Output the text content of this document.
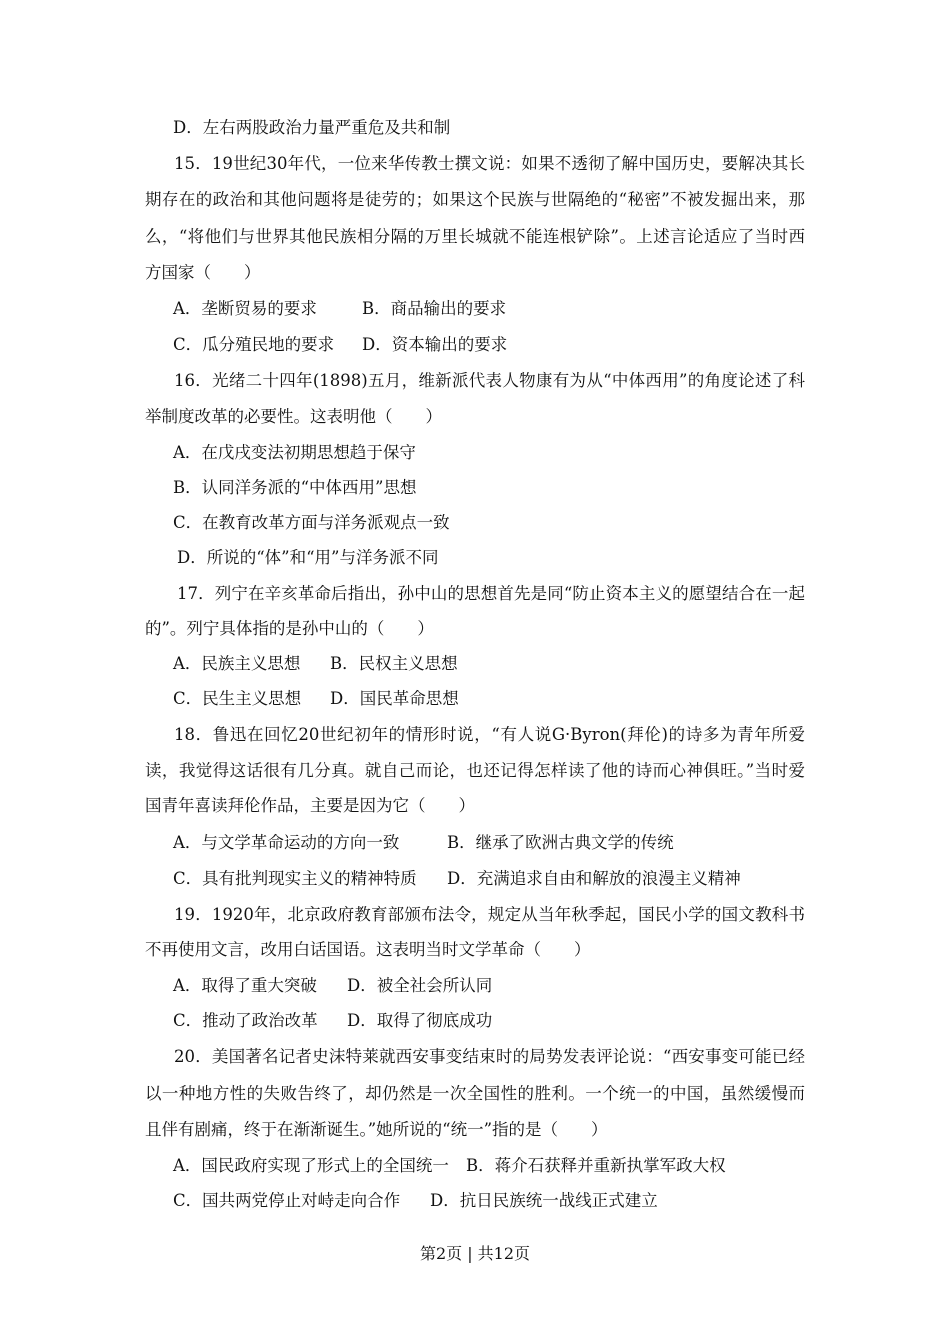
D．左右两股政治力量严重危及共和制
15．19世纪30年代，一位来华传教士撰文说：如果不透彻了解中国历史，要解决其长
期存在的政治和其他问题将是徒劳的；如果这个民族与世隔绝的“秘密”不被发掘出来，那
么，“将他们与世界其他民族相分隔的万里长城就不能连根铲除”。上述言论适应了当时西
方国家（　　）
A．垄断贸易的要求	B．商品输出的要求
C．瓜分殖民地的要求 D．资本输出的要求
16．光绪二十四年(1898)五月，维新派代表人物康有为从“中体西用”的角度论述了科
举制度改革的必要性。这表明他（　　）
A．在戊戌变法初期思想趋于保守
B．认同洋务派的“中体西用”思想
C．在教育改革方面与洋务派观点一致
D．所说的“体”和“用”与洋务派不同
17．列宁在辛亥革命后指出，孙中山的思想首先是同“防止资本主义的愿望结合在一起
的”。列宁具体指的是孙中山的（　　）
A．民族主义思想 B．民权主义思想
C．民生主义思想 D．国民革命思想
18．鲁迅在回忆20世纪初年的情形时说，“有人说G·Byron(拜伦)的诗多为青年所爱
读，我觉得这话很有几分真。就自己而论，也还记得怎样读了他的诗而心神俱旺。”当时爱
国青年喜读拜伦作品，主要是因为它（　　）
A．与文学革命运动的方向一致	B．继承了欧洲古典文学的传统
C．具有批判现实主义的精神特质 D．充满追求自由和解放的浪漫主义精神
19．1920年，北京政府教育部颁布法令，规定从当年秋季起，国民小学的国文教科书
不再使用文言，改用白话国语。这表明当时文学革命（　　）
A．取得了重大突破 D．被全社会所认同
C．推动了政治改革 D．取得了彻底成功
20．美国著名记者史沫特莱就西安事变结束时的局势发表评论说：“西安事变可能已经
以一种地方性的失败告终了，却仍然是一次全国性的胜利。一个统一的中国，虽然缓慢而
且伴有剧痛，终于在渐渐诞生。”她所说的“统一”指的是（　　）
A．国民政府实现了形式上的全国统一 B．蒋介石获释并重新执掌军政大权
C．国共两党停止对峙走向合作 D．抗日民族统一战线正式建立
第2页 | 共12页
